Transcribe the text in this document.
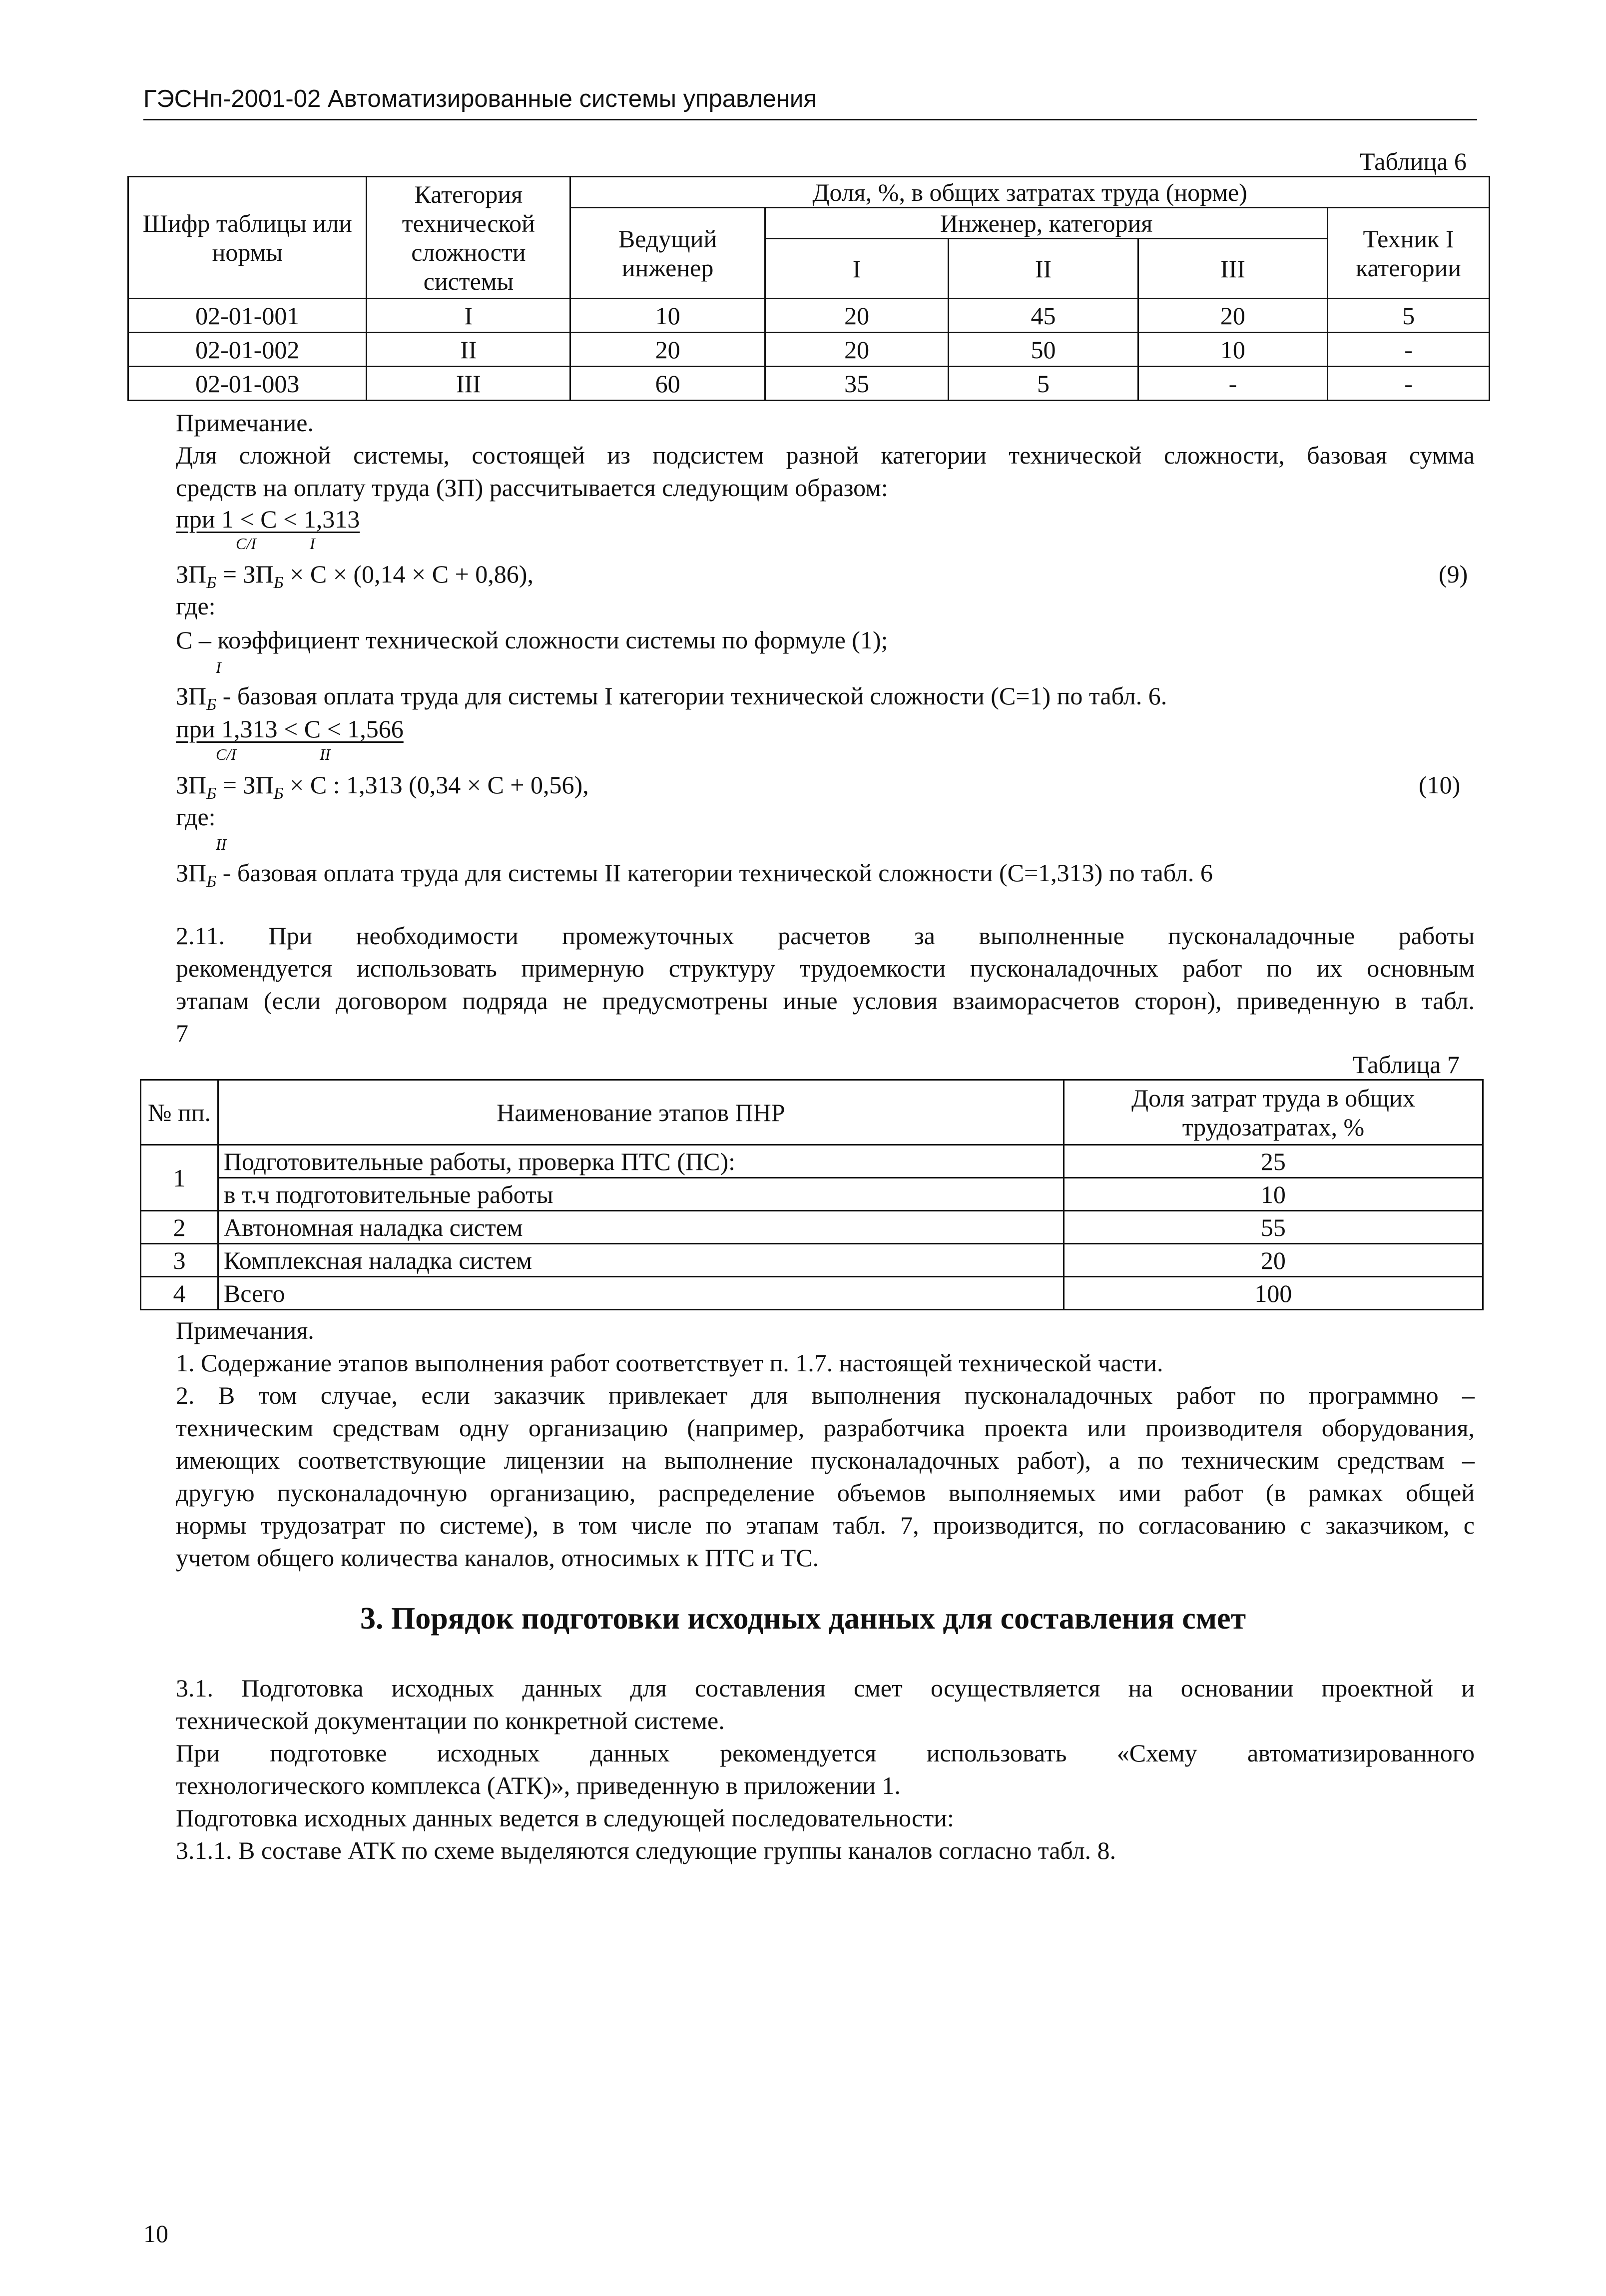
ГЭСНп-2001-02 Автоматизированные системы управления
Таблица 6
Шифр таблицы или нормы	Категория технической сложности системы	Доля, %, в общих затратах труда (норме)				
		Ведущий инженер	Инженер, категория			Техник I категории
			I	II	III	
02-01-001	I	10	20	45	20	5
02-01-002	II	20	20	50	10	-
02-01-003	III	60	35	5	-	-
Примечание.
Для сложной системы, состоящей из подсистем разной категории технической сложности, базовая сумма
средств на оплату труда (ЗП) рассчитывается следующим образом:
при 1 < С < 1,313
С/I	I
$ЗП_Б = ЗП_Б \times С \times (0,14 \times С + 0,86)$,	(9)
где:
С – коэффициент технической сложности системы по формуле (1);
I
$ЗП_Б$ - базовая оплата труда для системы I категории технической сложности (С=1) по табл. 6.
при 1,313 < С < 1,566
С/I	II
$ЗП_Б = ЗП_Б \times С$ : 1,313 (0,34 × С + 0,56),	(10)
где:
II
$ЗП_Б$ - базовая оплата труда для системы II категории технической сложности (С=1,313) по табл. 6
2.11. При необходимости промежуточных расчетов за выполненные пусконаладочные работы
рекомендуется использовать примерную структуру трудоемкости пусконаладочных работ по их основным
этапам (если договором подряда не предусмотрены иные условия взаиморасчетов сторон), приведенную в табл.
7
Таблица 7
№ пп.	Наименование этапов ПНР	Доля затрат труда в общих трудозатратах, %
1	Подготовительные работы, проверка ПТС (ПС):	25
	в т.ч подготовительные работы	10
2	Автономная наладка систем	55
3	Комплексная наладка систем	20
4	Всего	100
Примечания.
1. Содержание этапов выполнения работ соответствует п. 1.7. настоящей технической части.
2. В том случае, если заказчик привлекает для выполнения пусконаладочных работ по программно –
техническим средствам одну организацию (например, разработчика проекта или производителя оборудования,
имеющих соответствующие лицензии на выполнение пусконаладочных работ), а по техническим средствам –
другую пусконаладочную организацию, распределение объемов выполняемых ими работ (в рамках общей
нормы трудозатрат по системе), в том числе по этапам табл. 7, производится, по согласованию с заказчиком, с
учетом общего количества каналов, относимых к ПТС и ТС.
3. Порядок подготовки исходных данных для составления смет
3.1. Подготовка исходных данных для составления смет осуществляется на основании проектной и
технической документации по конкретной системе.
При подготовке исходных данных рекомендуется использовать «Схему автоматизированного
технологического комплекса (АТК)», приведенную в приложении 1.
Подготовка исходных данных ведется в следующей последовательности:
3.1.1. В составе АТК по схеме выделяются следующие группы каналов согласно табл. 8.
10
